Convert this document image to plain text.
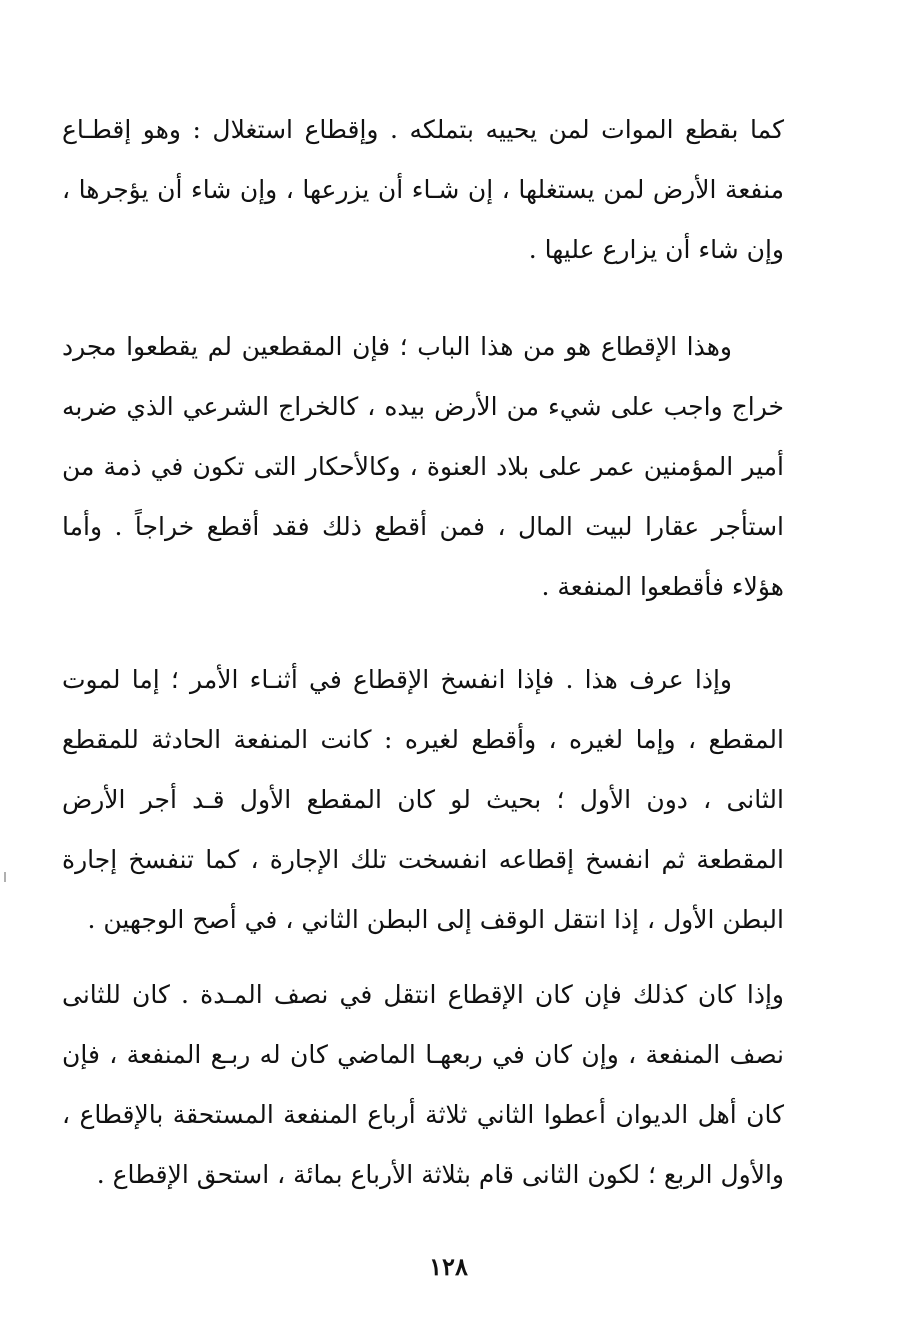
كما بقطع الموات لمن يحييه بتملكه . وإقطاع استغلال : وهو إقطـاع منفعة الأرض لمن يستغلها ، إن شـاء أن يزرعها ، وإن شاء أن يؤجرها ، وإن شاء أن يزارع عليها .

وهذا الإقطاع هو من هذا الباب ؛ فإن المقطعين لم يقطعوا مجرد خراج واجب على شيء من الأرض بيده ، كالخراج الشرعي الذي ضربه أمير المؤمنين عمر على بلاد العنوة ، وكالأحكار التى تكون في ذمة من استأجر عقارا لبيت المال ، فمن أقطع ذلك فقد أقطع خراجاً . وأما هؤلاء فأقطعوا المنفعة .

وإذا عرف هذا . فإذا انفسخ الإقطاع في أثنـاء الأمر ؛ إما لموت المقطع ، وإما لغيره ، وأقطع لغيره : كانت المنفعة الحادثة للمقطع الثانى ، دون الأول ؛ بحيث لو كان المقطع الأول قـد أجر الأرض المقطعة ثم انفسخ إقطاعه انفسخت تلك الإجارة ، كما تنفسخ إجارة البطن الأول ، إذا انتقل الوقف إلى البطن الثاني ، في أصح الوجهين .

وإذا كان كذلك فإن كان الإقطاع انتقل في نصف المـدة . كان للثانى نصف المنفعة ، وإن كان في ربعهـا الماضي كان له ربـع المنفعة ، فإن كان أهل الديوان أعطوا الثاني ثلاثة أرباع المنفعة المستحقة بالإقطاع ، والأول الربع ؛ لكون الثانى قام بثلاثة الأرباع بمائة ، استحق الإقطاع .

١٢٨
